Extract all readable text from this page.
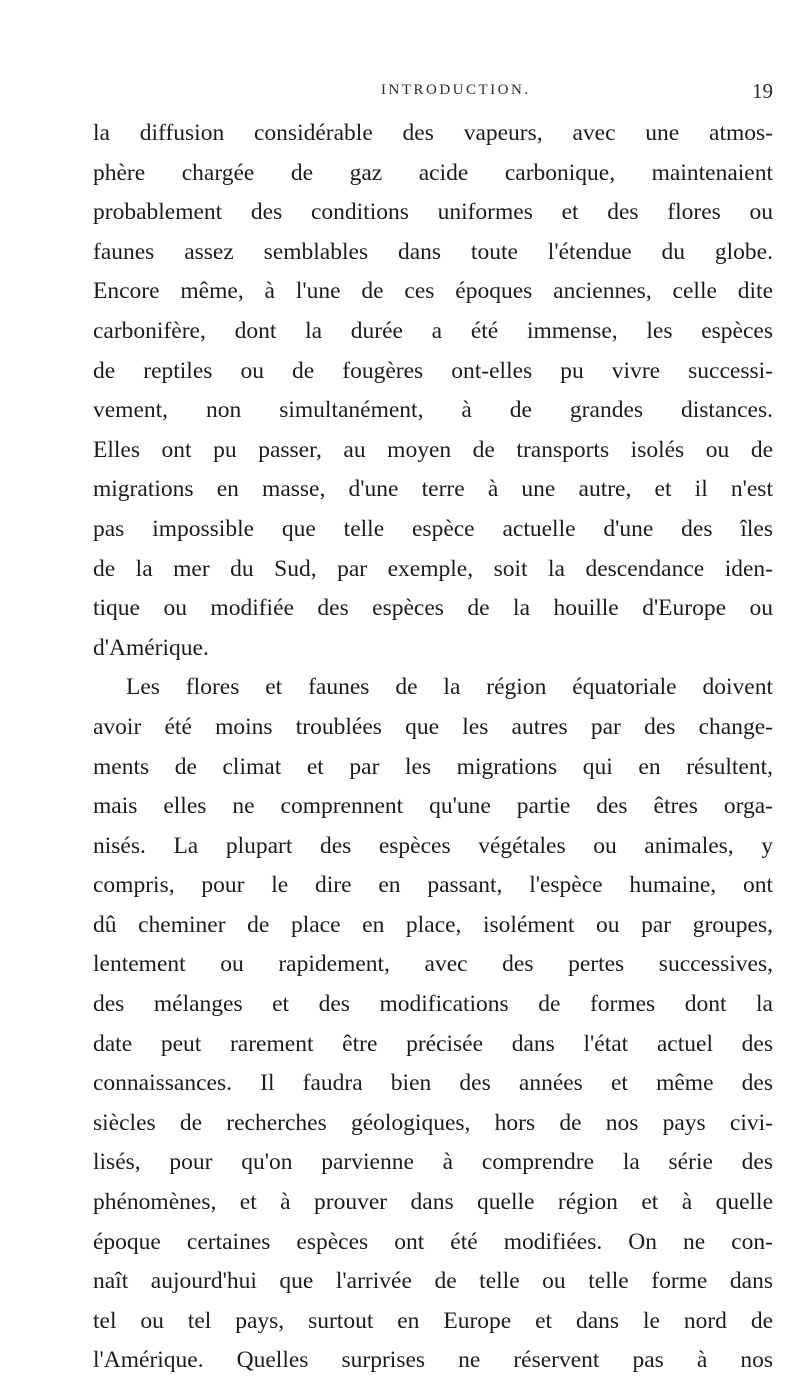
INTRODUCTION.	19
la diffusion considérable des vapeurs, avec une atmos-
phère chargée de gaz acide carbonique, maintenaient
probablement des conditions uniformes et des flores ou
faunes assez semblables dans toute l'étendue du globe.
Encore même, à l'une de ces époques anciennes, celle dite
carbonifère, dont la durée a été immense, les espèces
de reptiles ou de fougères ont-elles pu vivre successi-
vement, non simultanément, à de grandes distances.
Elles ont pu passer, au moyen de transports isolés ou de
migrations en masse, d'une terre à une autre, et il n'est
pas impossible que telle espèce actuelle d'une des îles
de la mer du Sud, par exemple, soit la descendance iden-
tique ou modifiée des espèces de la houille d'Europe ou
d'Amérique.
Les flores et faunes de la région équatoriale doivent
avoir été moins troublées que les autres par des change-
ments de climat et par les migrations qui en résultent,
mais elles ne comprennent qu'une partie des êtres orga-
nisés. La plupart des espèces végétales ou animales, y
compris, pour le dire en passant, l'espèce humaine, ont
dû cheminer de place en place, isolément ou par groupes,
lentement ou rapidement, avec des pertes successives,
des mélanges et des modifications de formes dont la
date peut rarement être précisée dans l'état actuel des
connaissances. Il faudra bien des années et même des
siècles de recherches géologiques, hors de nos pays civi-
lisés, pour qu'on parvienne à comprendre la série des
phénomènes, et à prouver dans quelle région et à quelle
époque certaines espèces ont été modifiées. On ne con-
naît aujourd'hui que l'arrivée de telle ou telle forme dans
tel ou tel pays, surtout en Europe et dans le nord de
l'Amérique. Quelles surprises ne réservent pas à nos
